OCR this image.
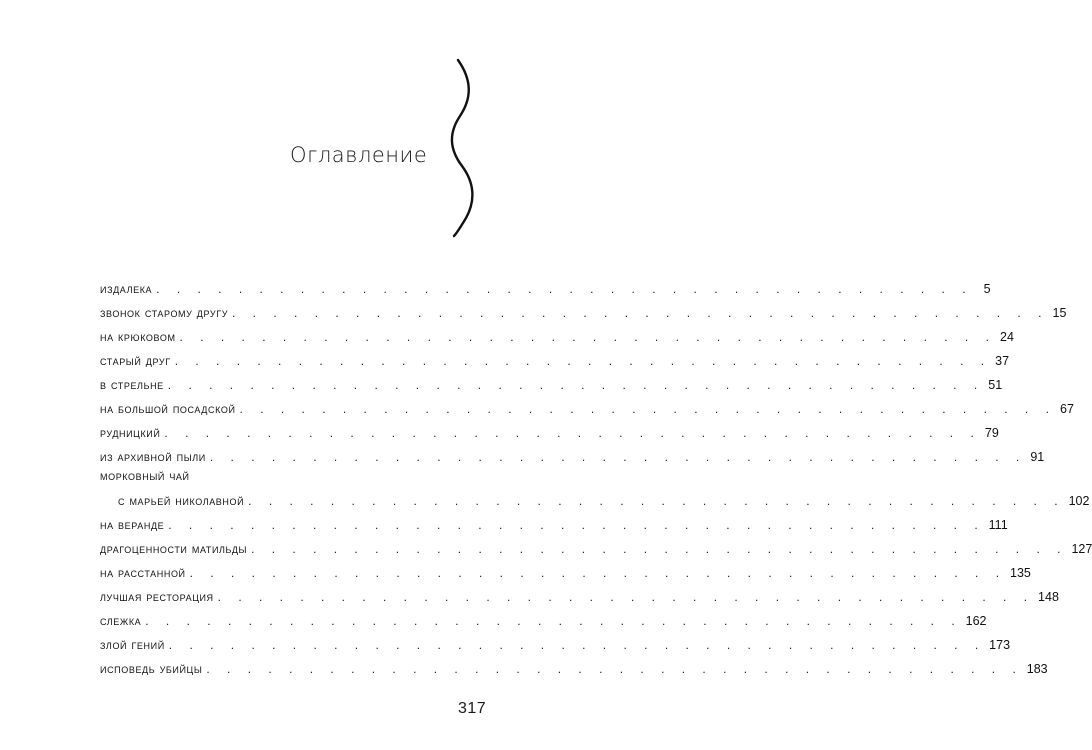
Оглавление
издалека . . . . . . . . . . . . . . . . . . . . . . . . . . . . . . . . . . . . . . . . 5
звонок старому другу . . . . . . . . . . . . . . . . . . . . . . . . . . . . . . . . . . . . . . . . 15
на крюковом . . . . . . . . . . . . . . . . . . . . . . . . . . . . . . . . . . . . . . . . 24
старый друг . . . . . . . . . . . . . . . . . . . . . . . . . . . . . . . . . . . . . . . . 37
в стрельне . . . . . . . . . . . . . . . . . . . . . . . . . . . . . . . . . . . . . . . . 51
на большой посадской . . . . . . . . . . . . . . . . . . . . . . . . . . . . . . . . . . . . . . . . 67
рудницкий . . . . . . . . . . . . . . . . . . . . . . . . . . . . . . . . . . . . . . . . 79
из архивной пыли . . . . . . . . . . . . . . . . . . . . . . . . . . . . . . . . . . . . . . . . 91
морковный чай
с марьей николавной . . . . . . . . . . . . . . . . . . . . . . . . . . . . . . . . . . . . . . . . 102
на веранде . . . . . . . . . . . . . . . . . . . . . . . . . . . . . . . . . . . . . . . . 111
драгоценности матильды . . . . . . . . . . . . . . . . . . . . . . . . . . . . . . . . . . . . . . . . 127
на расстанной . . . . . . . . . . . . . . . . . . . . . . . . . . . . . . . . . . . . . . . . 135
лучшая ресторация . . . . . . . . . . . . . . . . . . . . . . . . . . . . . . . . . . . . . . . . 148
слежка . . . . . . . . . . . . . . . . . . . . . . . . . . . . . . . . . . . . . . . . 162
злой гений . . . . . . . . . . . . . . . . . . . . . . . . . . . . . . . . . . . . . . . . 173
исповедь убийцы . . . . . . . . . . . . . . . . . . . . . . . . . . . . . . . . . . . . . . . . 183
317
